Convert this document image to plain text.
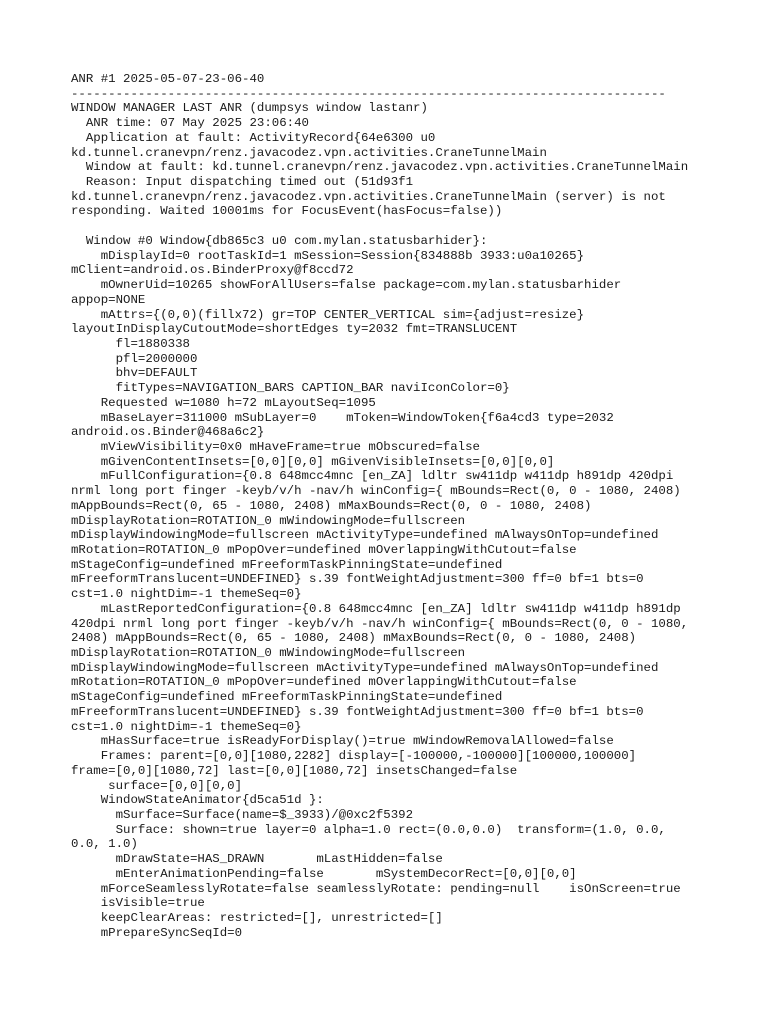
ANR #1 2025-05-07-23-06-40
--------------------------------------------------------------------------------
WINDOW MANAGER LAST ANR (dumpsys window lastanr)
ANR time: 07 May 2025 23:06:40
Application at fault: ActivityRecord{64e6300 u0
kd.tunnel.cranevpn/renz.javacodez.vpn.activities.CraneTunnelMain
Window at fault: kd.tunnel.cranevpn/renz.javacodez.vpn.activities.CraneTunnelMain
Reason: Input dispatching timed out (51d93f1
kd.tunnel.cranevpn/renz.javacodez.vpn.activities.CraneTunnelMain (server) is not
responding. Waited 10001ms for FocusEvent(hasFocus=false))
Window #0 Window{db865c3 u0 com.mylan.statusbarhider}:
mDisplayId=0 rootTaskId=1 mSession=Session{834888b 3933:u0a10265}
mClient=android.os.BinderProxy@f8ccd72
mOwnerUid=10265 showForAllUsers=false package=com.mylan.statusbarhider
appop=NONE
mAttrs={(0,0)(fillx72) gr=TOP CENTER_VERTICAL sim={adjust=resize}
layoutInDisplayCutoutMode=shortEdges ty=2032 fmt=TRANSLUCENT
fl=1880338
pfl=2000000
bhv=DEFAULT
fitTypes=NAVIGATION_BARS CAPTION_BAR naviIconColor=0}
Requested w=1080 h=72 mLayoutSeq=1095
mBaseLayer=311000 mSubLayer=0    mToken=WindowToken{f6a4cd3 type=2032
android.os.Binder@468a6c2}
mViewVisibility=0x0 mHaveFrame=true mObscured=false
mGivenContentInsets=[0,0][0,0] mGivenVisibleInsets=[0,0][0,0]
mFullConfiguration={0.8 648mcc4mnc [en_ZA] ldltr sw411dp w411dp h891dp 420dpi
nrml long port finger -keyb/v/h -nav/h winConfig={ mBounds=Rect(0, 0 - 1080, 2408)
mAppBounds=Rect(0, 65 - 1080, 2408) mMaxBounds=Rect(0, 0 - 1080, 2408)
mDisplayRotation=ROTATION_0 mWindowingMode=fullscreen
mDisplayWindowingMode=fullscreen mActivityType=undefined mAlwaysOnTop=undefined
mRotation=ROTATION_0 mPopOver=undefined mOverlappingWithCutout=false
mStageConfig=undefined mFreeformTaskPinningState=undefined
mFreeformTranslucent=UNDEFINED} s.39 fontWeightAdjustment=300 ff=0 bf=1 bts=0
cst=1.0 nightDim=-1 themeSeq=0}
mLastReportedConfiguration={0.8 648mcc4mnc [en_ZA] ldltr sw411dp w411dp h891dp
420dpi nrml long port finger -keyb/v/h -nav/h winConfig={ mBounds=Rect(0, 0 - 1080,
2408) mAppBounds=Rect(0, 65 - 1080, 2408) mMaxBounds=Rect(0, 0 - 1080, 2408)
mDisplayRotation=ROTATION_0 mWindowingMode=fullscreen
mDisplayWindowingMode=fullscreen mActivityType=undefined mAlwaysOnTop=undefined
mRotation=ROTATION_0 mPopOver=undefined mOverlappingWithCutout=false
mStageConfig=undefined mFreeformTaskPinningState=undefined
mFreeformTranslucent=UNDEFINED} s.39 fontWeightAdjustment=300 ff=0 bf=1 bts=0
cst=1.0 nightDim=-1 themeSeq=0}
mHasSurface=true isReadyForDisplay()=true mWindowRemovalAllowed=false
Frames: parent=[0,0][1080,2282] display=[-100000,-100000][100000,100000]
frame=[0,0][1080,72] last=[0,0][1080,72] insetsChanged=false
surface=[0,0][0,0]
WindowStateAnimator{d5ca51d }:
mSurface=Surface(name=$_3933)/@0xc2f5392
Surface: shown=true layer=0 alpha=1.0 rect=(0.0,0.0)  transform=(1.0, 0.0,
0.0, 1.0)
mDrawState=HAS_DRAWN       mLastHidden=false
mEnterAnimationPending=false       mSystemDecorRect=[0,0][0,0]
mForceSeamlesslyRotate=false seamlesslyRotate: pending=null    isOnScreen=true
isVisible=true
keepClearAreas: restricted=[], unrestricted=[]
mPrepareSyncSeqId=0
